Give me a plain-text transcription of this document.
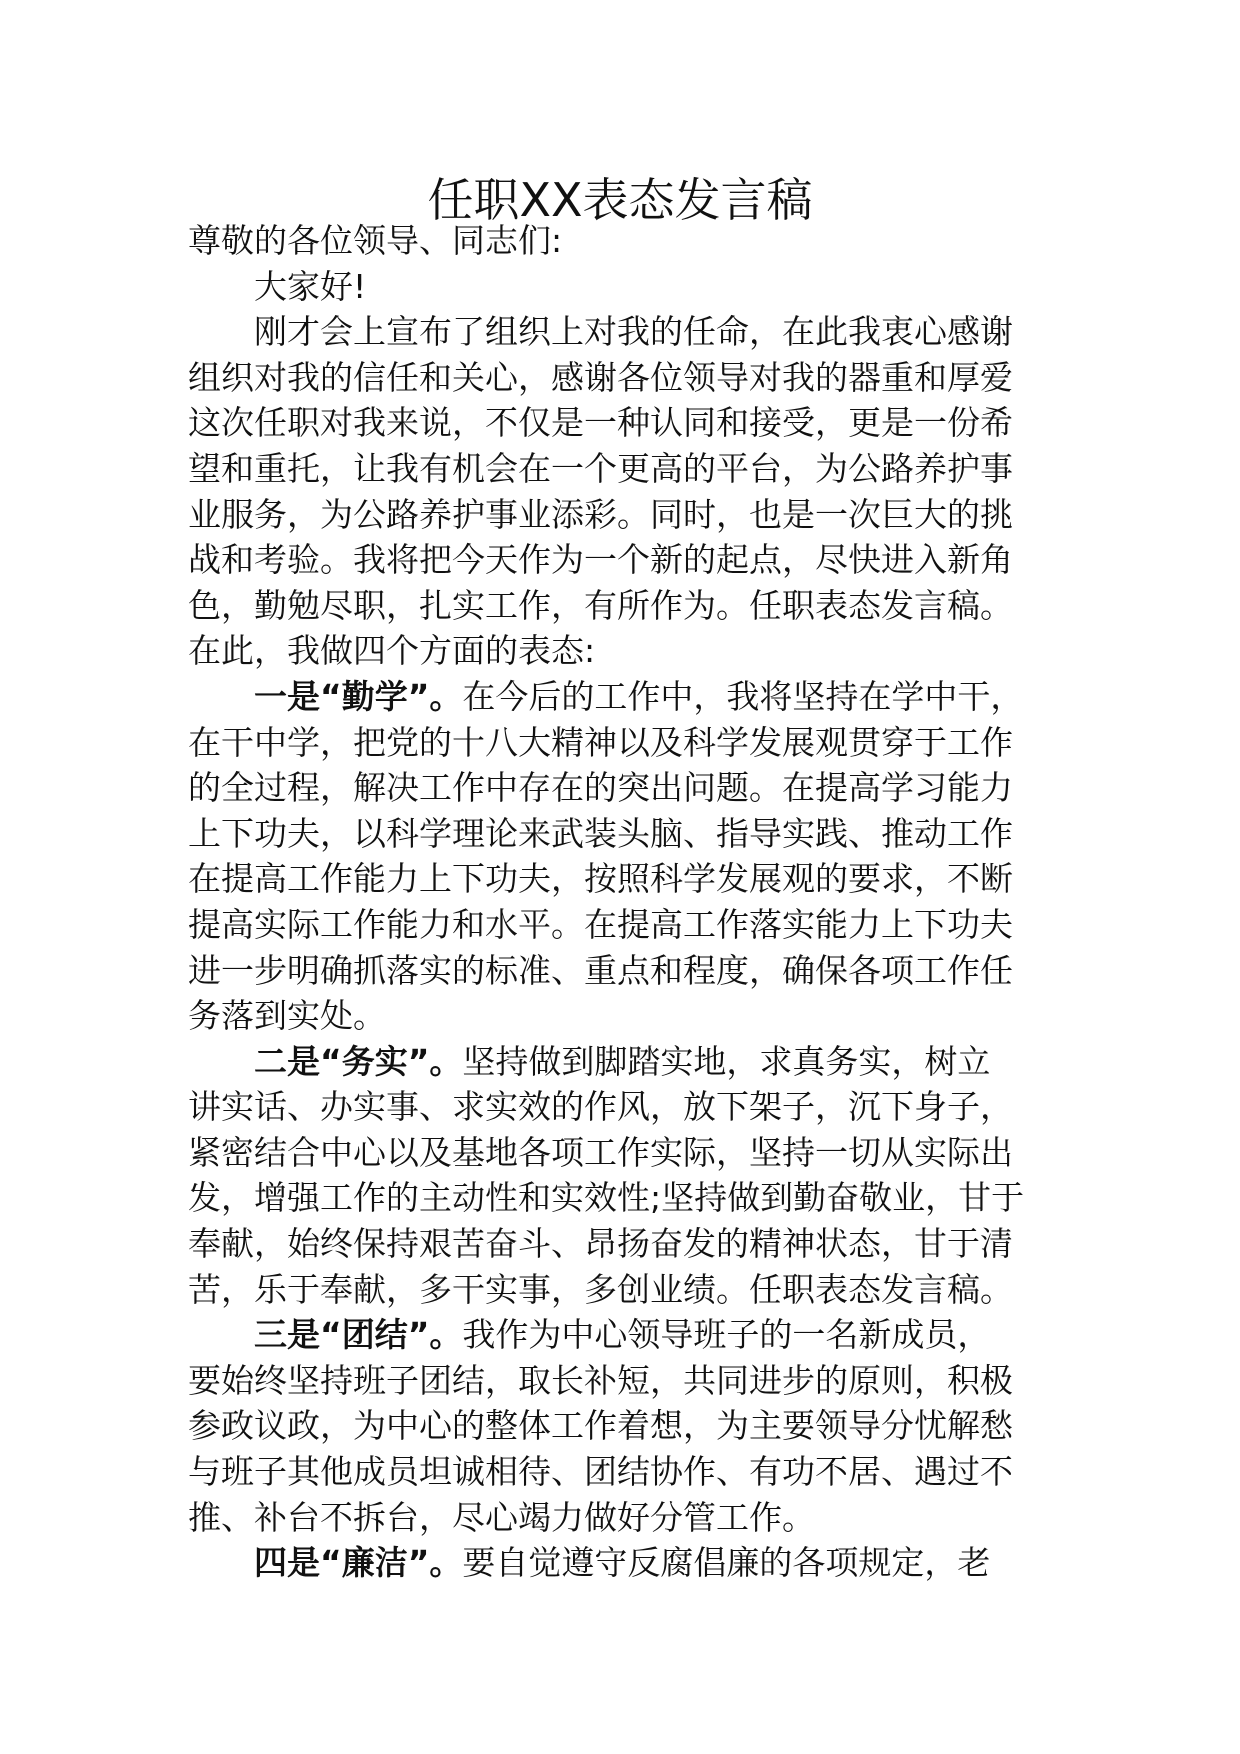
任职XX表态发言稿
尊敬的各位领导、同志们:
大家好!
刚才会上宣布了组织上对我的任命，在此我衷心感谢
组织对我的信任和关心，感谢各位领导对我的器重和厚爱
这次任职对我来说，不仅是一种认同和接受，更是一份希
望和重托，让我有机会在一个更高的平台，为公路养护事
业服务，为公路养护事业添彩。同时，也是一次巨大的挑
战和考验。我将把今天作为一个新的起点，尽快进入新角
色，勤勉尽职，扎实工作，有所作为。任职表态发言稿。
在此，我做四个方面的表态:
一是“勤学”。在今后的工作中，我将坚持在学中干，
在干中学，把党的十八大精神以及科学发展观贯穿于工作
的全过程，解决工作中存在的突出问题。在提高学习能力
上下功夫，以科学理论来武装头脑、指导实践、推动工作
在提高工作能力上下功夫，按照科学发展观的要求，不断
提高实际工作能力和水平。在提高工作落实能力上下功夫
进一步明确抓落实的标准、重点和程度，确保各项工作任
务落到实处。
二是“务实”。坚持做到脚踏实地，求真务实，树立
讲实话、办实事、求实效的作风，放下架子，沉下身子，
紧密结合中心以及基地各项工作实际，坚持一切从实际出
发，增强工作的主动性和实效性;坚持做到勤奋敬业，甘于
奉献，始终保持艰苦奋斗、昂扬奋发的精神状态，甘于清
苦，乐于奉献，多干实事，多创业绩。任职表态发言稿。
三是“团结”。我作为中心领导班子的一名新成员，
要始终坚持班子团结，取长补短，共同进步的原则，积极
参政议政，为中心的整体工作着想，为主要领导分忧解愁
与班子其他成员坦诚相待、团结协作、有功不居、遇过不
推、补台不拆台，尽心竭力做好分管工作。
四是“廉洁”。要自觉遵守反腐倡廉的各项规定，老
